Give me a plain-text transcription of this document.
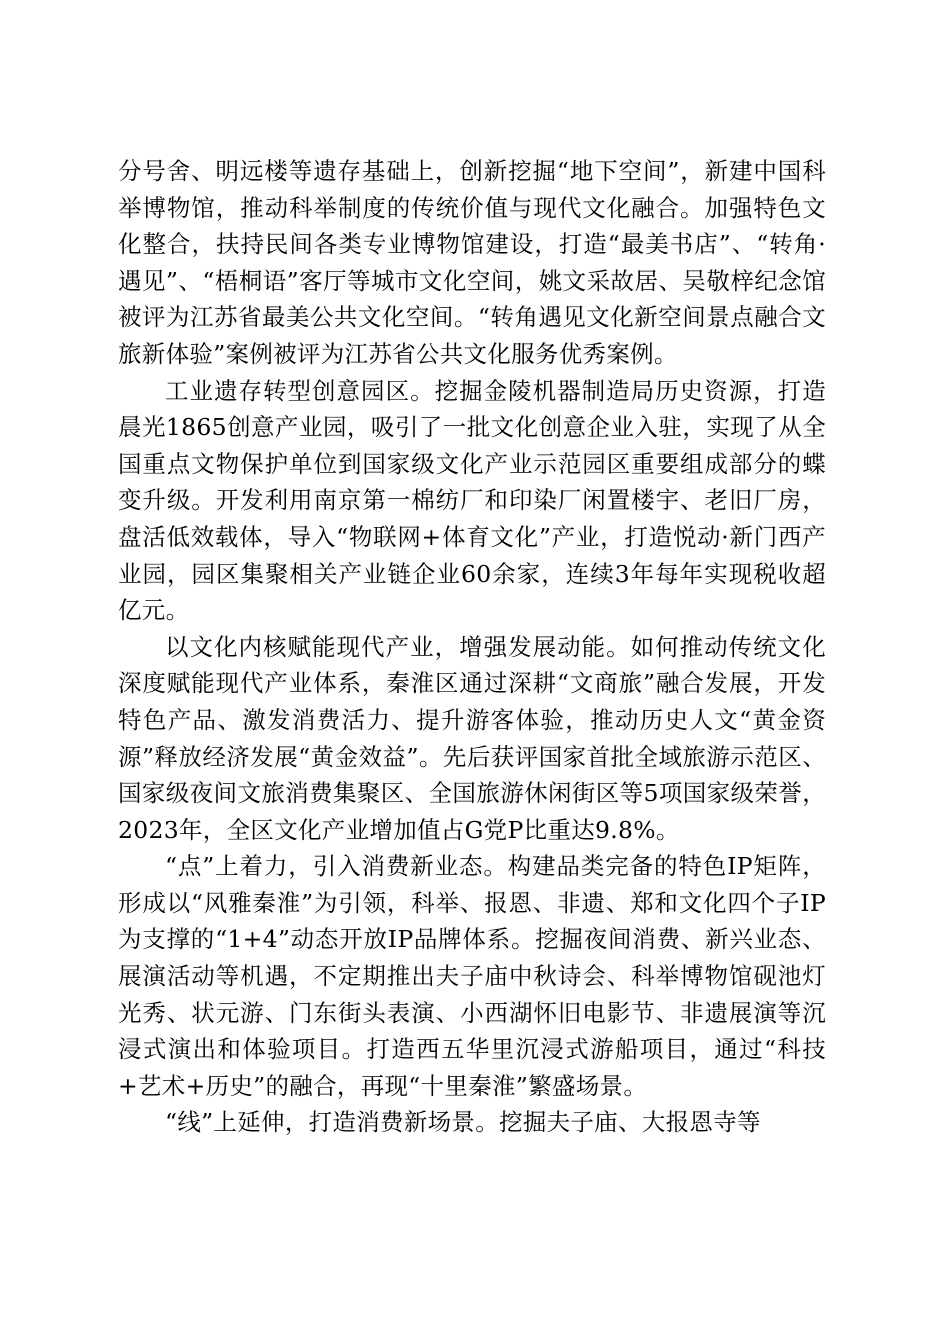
分号舍、明远楼等遗存基础上，创新挖掘“地下空间”，新建中国科举博物馆，推动科举制度的传统价值与现代文化融合。加强特色文化整合，扶持民间各类专业博物馆建设，打造“最美书店”、“转角·遇见”、“梧桐语”客厅等城市文化空间，姚文采故居、吴敬梓纪念馆被评为江苏省最美公共文化空间。“转角遇见文化新空间景点融合文旅新体验”案例被评为江苏省公共文化服务优秀案例。

工业遗存转型创意园区。挖掘金陵机器制造局历史资源，打造晨光1865创意产业园，吸引了一批文化创意企业入驻，实现了从全国重点文物保护单位到国家级文化产业示范园区重要组成部分的蝶变升级。开发利用南京第一棉纺厂和印染厂闲置楼宇、老旧厂房，盘活低效载体，导入“物联网+体育文化”产业，打造悦动·新门西产业园，园区集聚相关产业链企业60余家，连续3年每年实现税收超亿元。

以文化内核赋能现代产业，增强发展动能。如何推动传统文化深度赋能现代产业体系，秦淮区通过深耕“文商旅”融合发展，开发特色产品、激发消费活力、提升游客体验，推动历史人文“黄金资源”释放经济发展“黄金效益”。先后获评国家首批全域旅游示范区、国家级夜间文旅消费集聚区、全国旅游休闲街区等5项国家级荣誉，2023年，全区文化产业增加值占G党P比重达9.8%。

“点”上着力，引入消费新业态。构建品类完备的特色IP矩阵，形成以“风雅秦淮”为引领，科举、报恩、非遗、郑和文化四个子IP为支撑的“1+4”动态开放IP品牌体系。挖掘夜间消费、新兴业态、展演活动等机遇，不定期推出夫子庙中秋诗会、科举博物馆砚池灯光秀、状元游、门东街头表演、小西湖怀旧电影节、非遗展演等沉浸式演出和体验项目。打造西五华里沉浸式游船项目，通过“科技+艺术+历史”的融合，再现“十里秦淮”繁盛场景。

“线”上延伸，打造消费新场景。挖掘夫子庙、大报恩寺等
